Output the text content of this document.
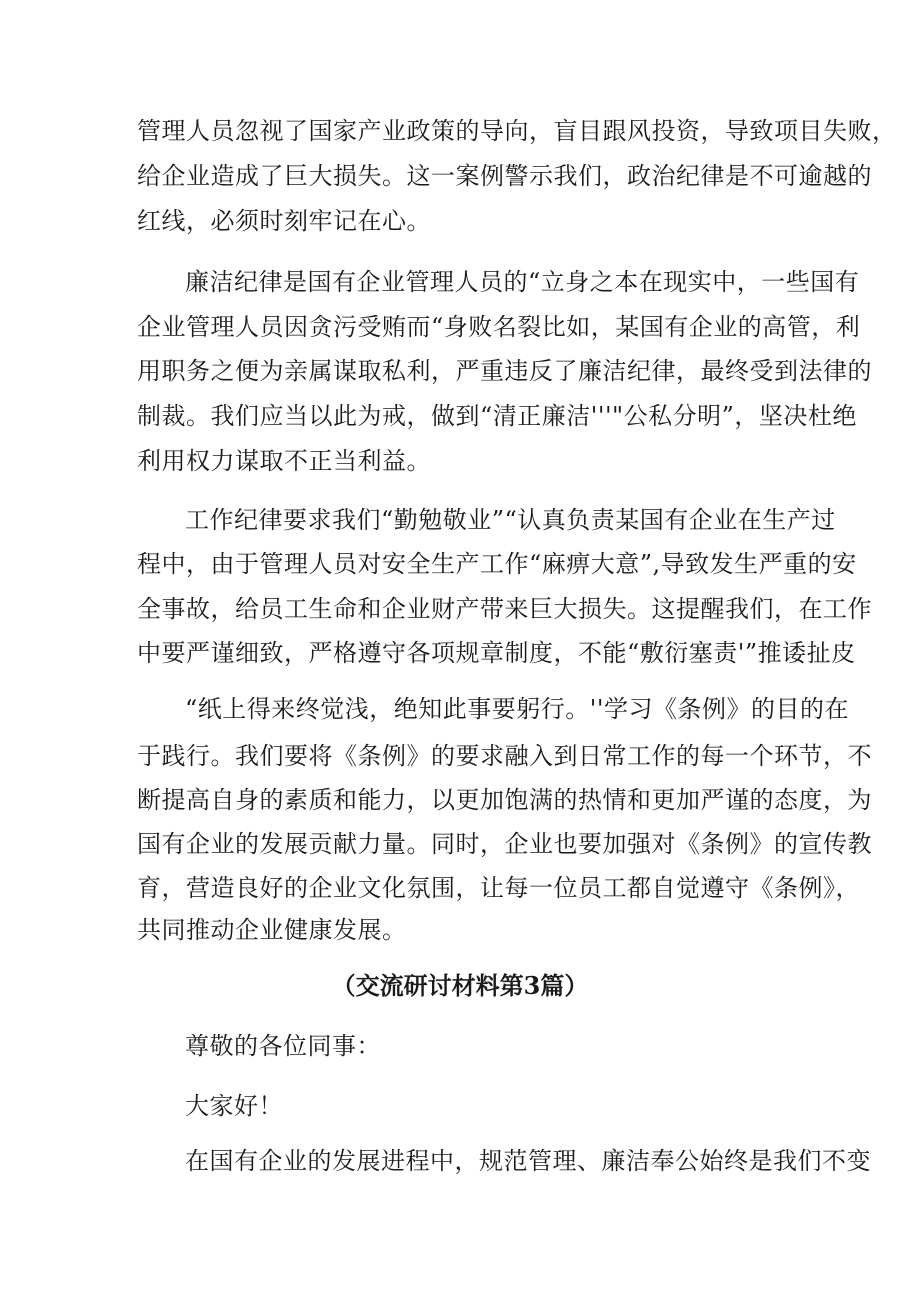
管理人员忽视了国家产业政策的导向，盲目跟风投资，导致项目失败，
给企业造成了巨大损失。这一案例警示我们，政治纪律是不可逾越的
红线，必须时刻牢记在心。
廉洁纪律是国有企业管理人员的“立身之本在现实中，一些国有
企业管理人员因贪污受贿而“身败名裂比如，某国有企业的高管，利
用职务之便为亲属谋取私利，严重违反了廉洁纪律，最终受到法律的
制裁。我们应当以此为戒，做到“清正廉洁'''"公私分明”，坚决杜绝
利用权力谋取不正当利益。
工作纪律要求我们“勤勉敬业”“认真负责某国有企业在生产过
程中，由于管理人员对安全生产工作“麻痹大意”,导致发生严重的安
全事故，给员工生命和企业财产带来巨大损失。这提醒我们，在工作
中要严谨细致，严格遵守各项规章制度，不能“敷衍塞责'”推诿扯皮
“纸上得来终觉浅，绝知此事要躬行。''学习《条例》的目的在
于践行。我们要将《条例》的要求融入到日常工作的每一个环节，不
断提高自身的素质和能力，以更加饱满的热情和更加严谨的态度，为
国有企业的发展贡献力量。同时，企业也要加强对《条例》的宣传教
育，营造良好的企业文化氛围，让每一位员工都自觉遵守《条例》，
共同推动企业健康发展。
（交流研讨材料第3篇）
尊敬的各位同事：
大家好！
在国有企业的发展进程中，规范管理、廉洁奉公始终是我们不变
